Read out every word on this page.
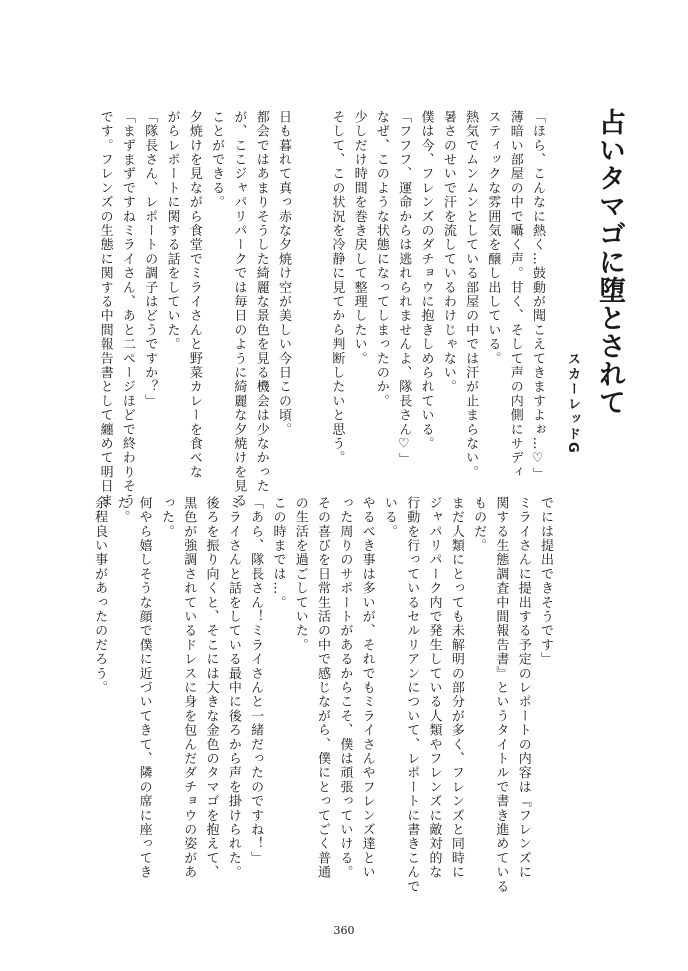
占いタマゴに堕とされて
スカーレッドG

「ほら、こんなに熱く…鼓動が聞こえてきますよぉ…♡」

薄暗い部屋の中で囁く声。甘く、そして声の内側にサディ

スティックな雰囲気を醸し出している。

熱気でムンムンとしている部屋の中では汗が止まらない。

暑さのせいで汗を流しているわけじゃない。

僕は今、フレンズのダチョウに抱きしめられている。

「フフフ、運命からは逃れられませんよ、隊長さん♡」

なぜ、このような状態になってしまったのか。

少しだけ時間を巻き戻して整理したい。

そして、この状況を冷静に見てから判断したいと思う。

日も暮れて真っ赤な夕焼け空が美しい今日この頃。

都会ではあまりそうした綺麗な景色を見る機会は少なかった

が、ここジャパリパークでは毎日のように綺麗な夕焼けを見る

ことができる。

夕焼けを見ながら食堂でミライさんと野菜カレーを食べな

がらレポートに関する話をしていた。

「隊長さん、レポートの調子はどうですか？」

「まずまずですねミライさん、あと二ページほどで終わりそう

です。フレンズの生態に関する中間報告書として纏めて明日ま

でには提出できそうです」

ミライさんに提出する予定のレポートの内容は『フレンズに

関する生態調査中間報告書』というタイトルで書き進めている

ものだ。

まだ人類にとっても未解明の部分が多く、フレンズと同時に

ジャパリパーク内で発生している人類やフレンズに敵対的な

行動を行っているセルリアンについて、レポートに書きこんで

いる。

やるべき事は多いが、それでもミライさんやフレンズ達とい

った周りのサポートがあるからこそ、僕は頑張っていける。

その喜びを日常生活の中で感じながら、僕にとってごく普通

の生活を過ごしていた。

この時までは…。

「あら、隊長さん！ミライさんと一緒だったのですね！」

ミライさんと話をしている最中に後ろから声を掛けられた。

後ろを振り向くと、そこには大きな金色のタマゴを抱えて、

黒色が強調されているドレスに身を包んだダチョウの姿があ

った。

何やら嬉しそうな顔で僕に近づいてきて、隣の席に座ってき

た。

余程良い事があったのだろう。

360
